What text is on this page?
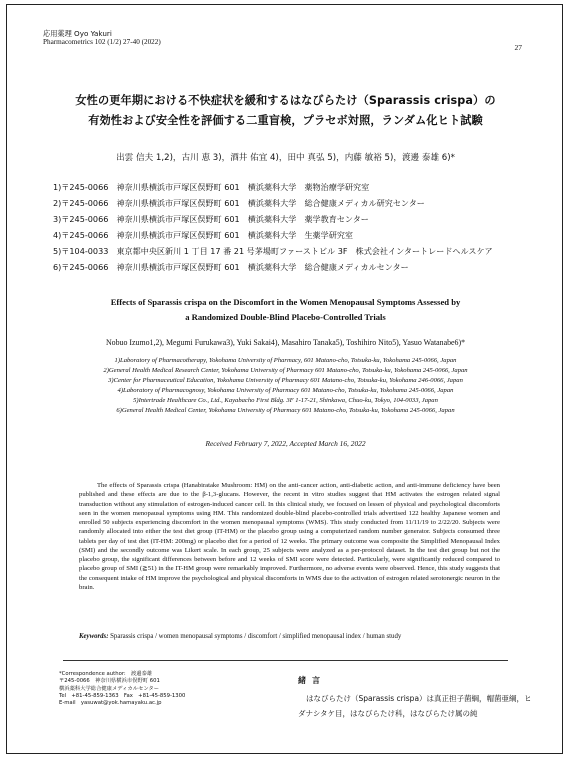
応用薬理 Oyo Yakuri
Pharmacometrics 102 (1/2) 27-40 (2022)
27
女性の更年期における不快症状を緩和するはなびらたけ（Sparassis crispa）の
有効性および安全性を評価する二重盲検，プラセボ対照，ランダム化ヒト試験
出雲 信夫 1,2)，古川 恵 3)，酒井 佑宜 4)，田中 真弘 5)，内藤 敏裕 5)，渡邊 泰雄 6)*
1)〒245-0066　神奈川県横浜市戸塚区俣野町 601　横浜薬科大学　薬物治療学研究室
2)〒245-0066　神奈川県横浜市戸塚区俣野町 601　横浜薬科大学　総合健康メディカル研究センター
3)〒245-0066　神奈川県横浜市戸塚区俣野町 601　横浜薬科大学　薬学教育センター
4)〒245-0066　神奈川県横浜市戸塚区俣野町 601　横浜薬科大学　生薬学研究室
5)〒104-0033　東京都中央区新川 1 丁目 17 番 21 号茅場町ファーストビル 3F　株式会社インタートレードヘルスケア
6)〒245-0066　神奈川県横浜市戸塚区俣野町 601　横浜薬科大学　総合健康メディカルセンター
Effects of Sparassis crispa on the Discomfort in the Women Menopausal Symptoms Assessed by
a Randomized Double-Blind Placebo-Controlled Trials
Nobuo Izumo1,2), Megumi Furukawa3), Yuki Sakai4), Masahiro Tanaka5), Toshihiro Nito5), Yasuo Watanabe6)*
1)Laboratory of Pharmacotherapy, Yokohama University of Pharmacy, 601 Matano-cho, Totsuka-ku, Yokohama 245-0066, Japan
2)General Health Medical Research Center, Yokohama University of Pharmacy 601 Matano-cho, Totsuka-ku, Yokohama 245-0066, Japan
3)Center for Pharmaceutical Education, Yokohama University of Pharmacy 601 Matano-cho, Totsuka-ku, Yokohama 246-0066, Japan
4)Laboratory of Pharmacognosy, Yokohama University of Pharmacy 601 Matano-cho, Totsuka-ku, Yokohama 245-0066, Japan
5)Intertrade Healthcare Co., Ltd., Kayabacho First Bldg. 3F 1-17-21, Shinkawa, Chuo-ku, Tokyo, 104-0033, Japan
6)General Health Medical Center, Yokohama University of Pharmacy 601 Matano-cho, Totsuka-ku, Yokohama 245-0066, Japan
Received February 7, 2022, Accepted March 16, 2022

The effects of Sparassis crispa (Hanabiratake Mushroom: HM) on the anti-cancer action, anti-diabetic action, and anti-immune deficiency have been published and these effects are due to the β-1,3-glucans. However, the recent in vitro studies suggest that HM activates the estrogen related signal transduction without any stimulation of estrogen-induced cancer cell. In this clinical study, we focused on lessen of physical and psychological discomforts seen in the women menopausal symptoms using HM. This randomized double-blind placebo-controlled trials advertised 122 healthy Japanese women and enrolled 50 subjects experiencing discomfort in the women menopausal symptoms (WMS). This study conducted from 11/11/19 to 2/22/20. Subjects were randomly allocated into either the test diet group (IT-HM) or the placebo group using a computerized random number generator. Subjects consumed three tablets per day of test diet (IT-HM: 200mg) or placebo diet for a period of 12 weeks. The primary outcome was composite the Simplified Menopausal Index (SMI) and the secondly outcome was Likert scale. In each group, 25 subjects were analyzed as a per-protocol dataset. In the test diet group but not the placebo group, the significant differences between before and 12 weeks of SMI score were detected. Particularly, were significantly reduced compared to placebo group of SMI (≧51) in the IT-HM group were remarkably improved. Furthermore, no adverse events were observed. Hence, this study suggests that the consequent intake of HM improve the psychological and physical discomforts in WMS due to the activation of estrogen related serotonergic neuron in the brain.

Keywords: Sparassis crispa / women menopausal symptoms / discomfort / simplified menopausal index / human study
*Correspondence author:　渡邊泰雄
〒245-0066　神奈川県横浜市俣野町 601
横浜薬科大学総合健康メディカルセンター
Tel　+81-45-859-1363　Fax　+81-45-859-1300
E-mail　yasuwat@yok.hamayaku.ac.jp
緒言

はなびらたけ（Sparassis crispa）は真正担子菌綱，帽菌亜綱，ヒダナシタケ目，はなびらたけ科，はなびらたけ属の純
